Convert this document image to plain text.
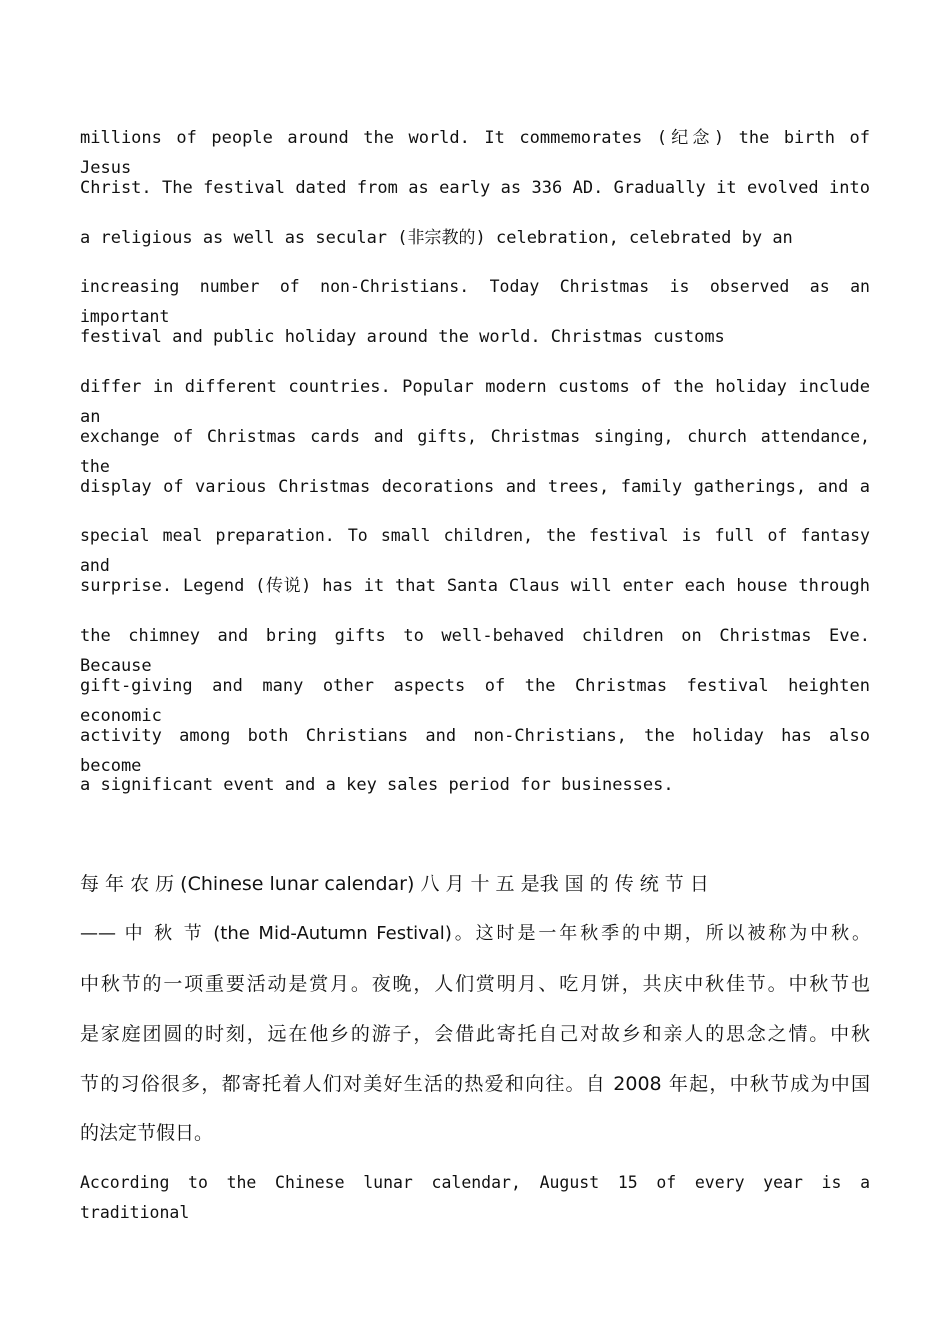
millions of people around the world. It commemorates (纪念) the birth of Jesus
Christ. The festival dated from as early as 336 AD. Gradually it evolved into
a religious as well as secular (非宗教的) celebration, celebrated by an
increasing number of non-Christians. Today Christmas is observed as an important
festival and public holiday around the world. Christmas customs
differ in different countries. Popular modern customs of the holiday include an
exchange of Christmas cards and gifts, Christmas singing, church attendance, the
display of various Christmas decorations and trees, family gatherings, and a
special meal preparation. To small children, the festival is full of fantasy and
surprise. Legend (传说) has it that Santa Claus will enter each house through
the chimney and bring gifts to well-behaved children on Christmas Eve. Because
gift-giving and many other aspects of the Christmas festival heighten economic
activity among both Christians and non-Christians, the holiday has also become
a significant event and a key sales period for businesses.
每 年 农 历 (Chinese lunar calendar) 八 月 十 五 是我 国 的 传 统 节 日
—— 中 秋 节 (the Mid-Autumn Festival)。这时是一年秋季的中期，所以被称为中秋。
中秋节的一项重要活动是赏月。夜晚，人们赏明月、吃月饼，共庆中秋佳节。中秋节也
是家庭团圆的时刻，远在他乡的游子，会借此寄托自己对故乡和亲人的思念之情。中秋
节的习俗很多，都寄托着人们对美好生活的热爱和向往。自 2008 年起，中秋节成为中国
的法定节假日。
According to the Chinese lunar calendar, August 15 of every year is a traditional
